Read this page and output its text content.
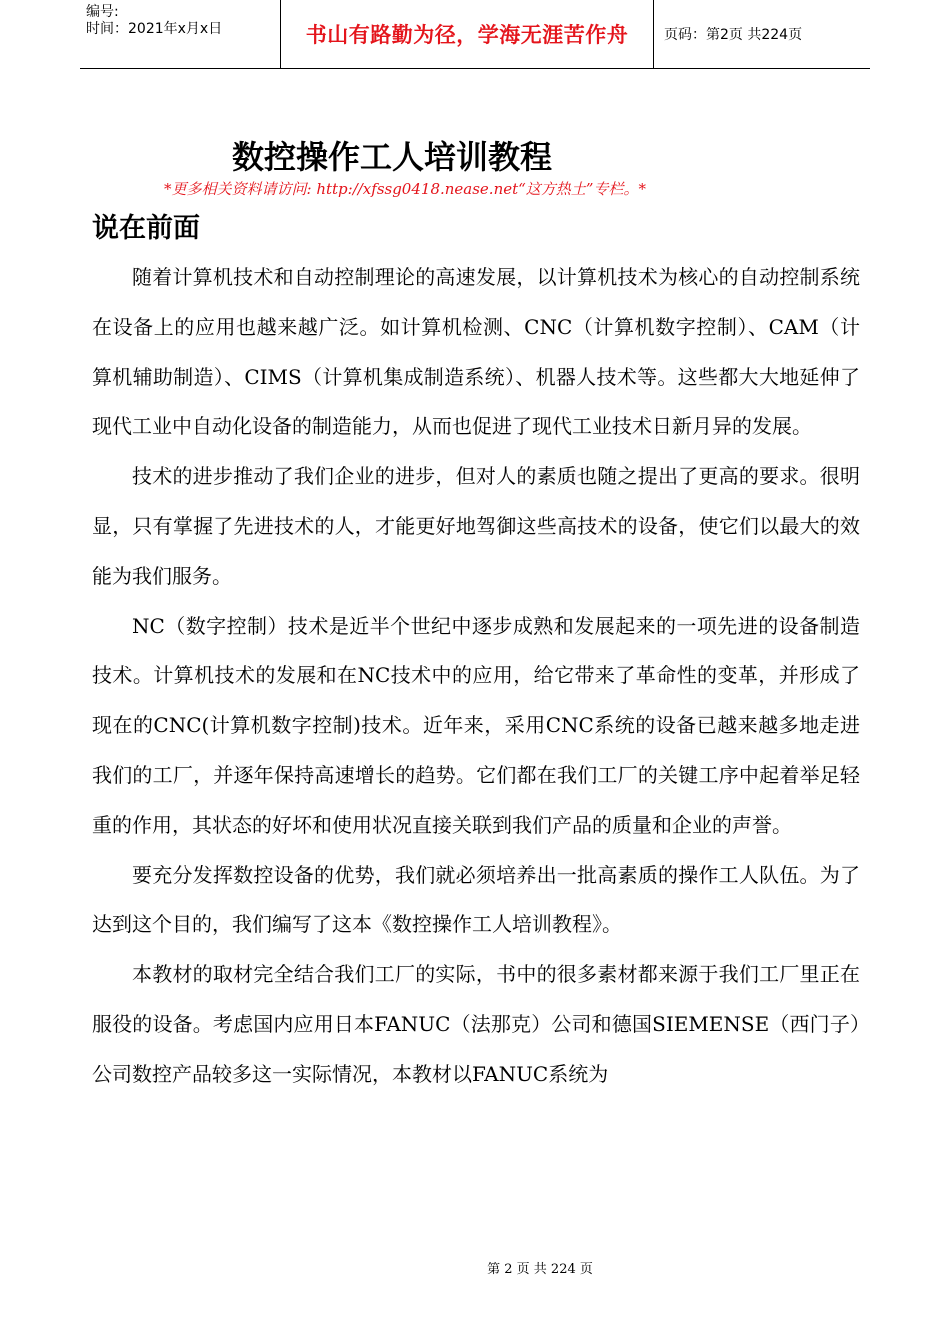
编号:
时间：2021年x月x日	书山有路勤为径，学海无涯苦作舟	页码：第2页 共224页
数控操作工人培训教程
*更多相关资料请访问: http://xfssg0418.nease.net“这方热土”专栏。*
说在前面

随着计算机技术和自动控制理论的高速发展，以计算机技术为核心的自动控制系统在设备上的应用也越来越广泛。如计算机检测、CNC（计算机数字控制）、CAM（计算机辅助制造）、CIMS（计算机集成制造系统）、机器人技术等。这些都大大地延伸了现代工业中自动化设备的制造能力，从而也促进了现代工业技术日新月异的发展。

技术的进步推动了我们企业的进步，但对人的素质也随之提出了更高的要求。很明显，只有掌握了先进技术的人，才能更好地驾御这些高技术的设备，使它们以最大的效能为我们服务。

NC（数字控制）技术是近半个世纪中逐步成熟和发展起来的一项先进的设备制造技术。计算机技术的发展和在NC技术中的应用，给它带来了革命性的变革，并形成了现在的CNC(计算机数字控制)技术。近年来，采用CNC系统的设备已越来越多地走进我们的工厂，并逐年保持高速增长的趋势。它们都在我们工厂的关键工序中起着举足轻重的作用，其状态的好坏和使用状况直接关联到我们产品的质量和企业的声誉。

要充分发挥数控设备的优势，我们就必须培养出一批高素质的操作工人队伍。为了达到这个目的，我们编写了这本《数控操作工人培训教程》。

本教材的取材完全结合我们工厂的实际，书中的很多素材都来源于我们工厂里正在服役的设备。考虑国内应用日本FANUC（法那克）公司和德国SIEMENSE（西门子）公司数控产品较多这一实际情况，本教材以FANUC系统为

第 2 页 共 224 页
